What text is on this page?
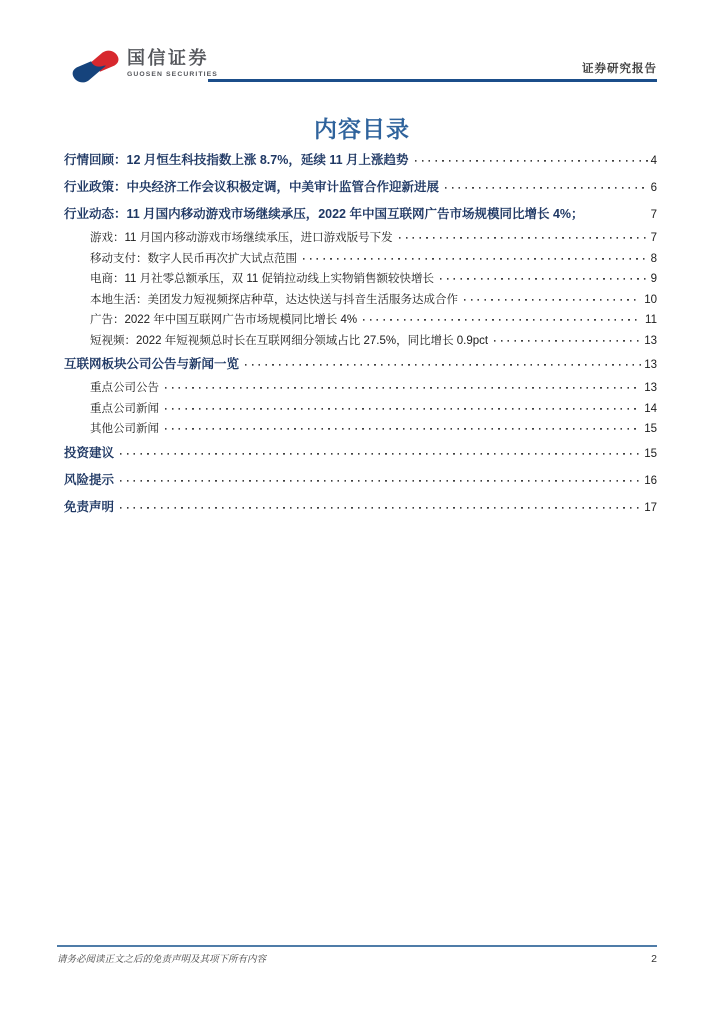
国信证券
GUOSEN SECURITIES	证券研究报告
内容目录
行情回顾：12 月恒生科技指数上涨 8.7%，延续 11 月上涨趋势	4
行业政策：中央经济工作会议积极定调，中美审计监管合作迎新进展	6
行业动态：11 月国内移动游戏市场继续承压，2022 年中国互联网广告市场规模同比增长 4%；	7
游戏：11 月国内移动游戏市场继续承压，进口游戏版号下发	7
移动支付：数字人民币再次扩大试点范围	8
电商：11 月社零总额承压，双 11 促销拉动线上实物销售额较快增长	9
本地生活：美团发力短视频探店种草，达达快送与抖音生活服务达成合作	10
广告：2022 年中国互联网广告市场规模同比增长 4%	11
短视频：2022 年短视频总时长在互联网细分领域占比 27.5%，同比增长 0.9pct	13
互联网板块公司公告与新闻一览	13
重点公司公告	13
重点公司新闻	14
其他公司新闻	15
投资建议	15
风险提示	16
免责声明	17
请务必阅读正文之后的免责声明及其项下所有内容	2
